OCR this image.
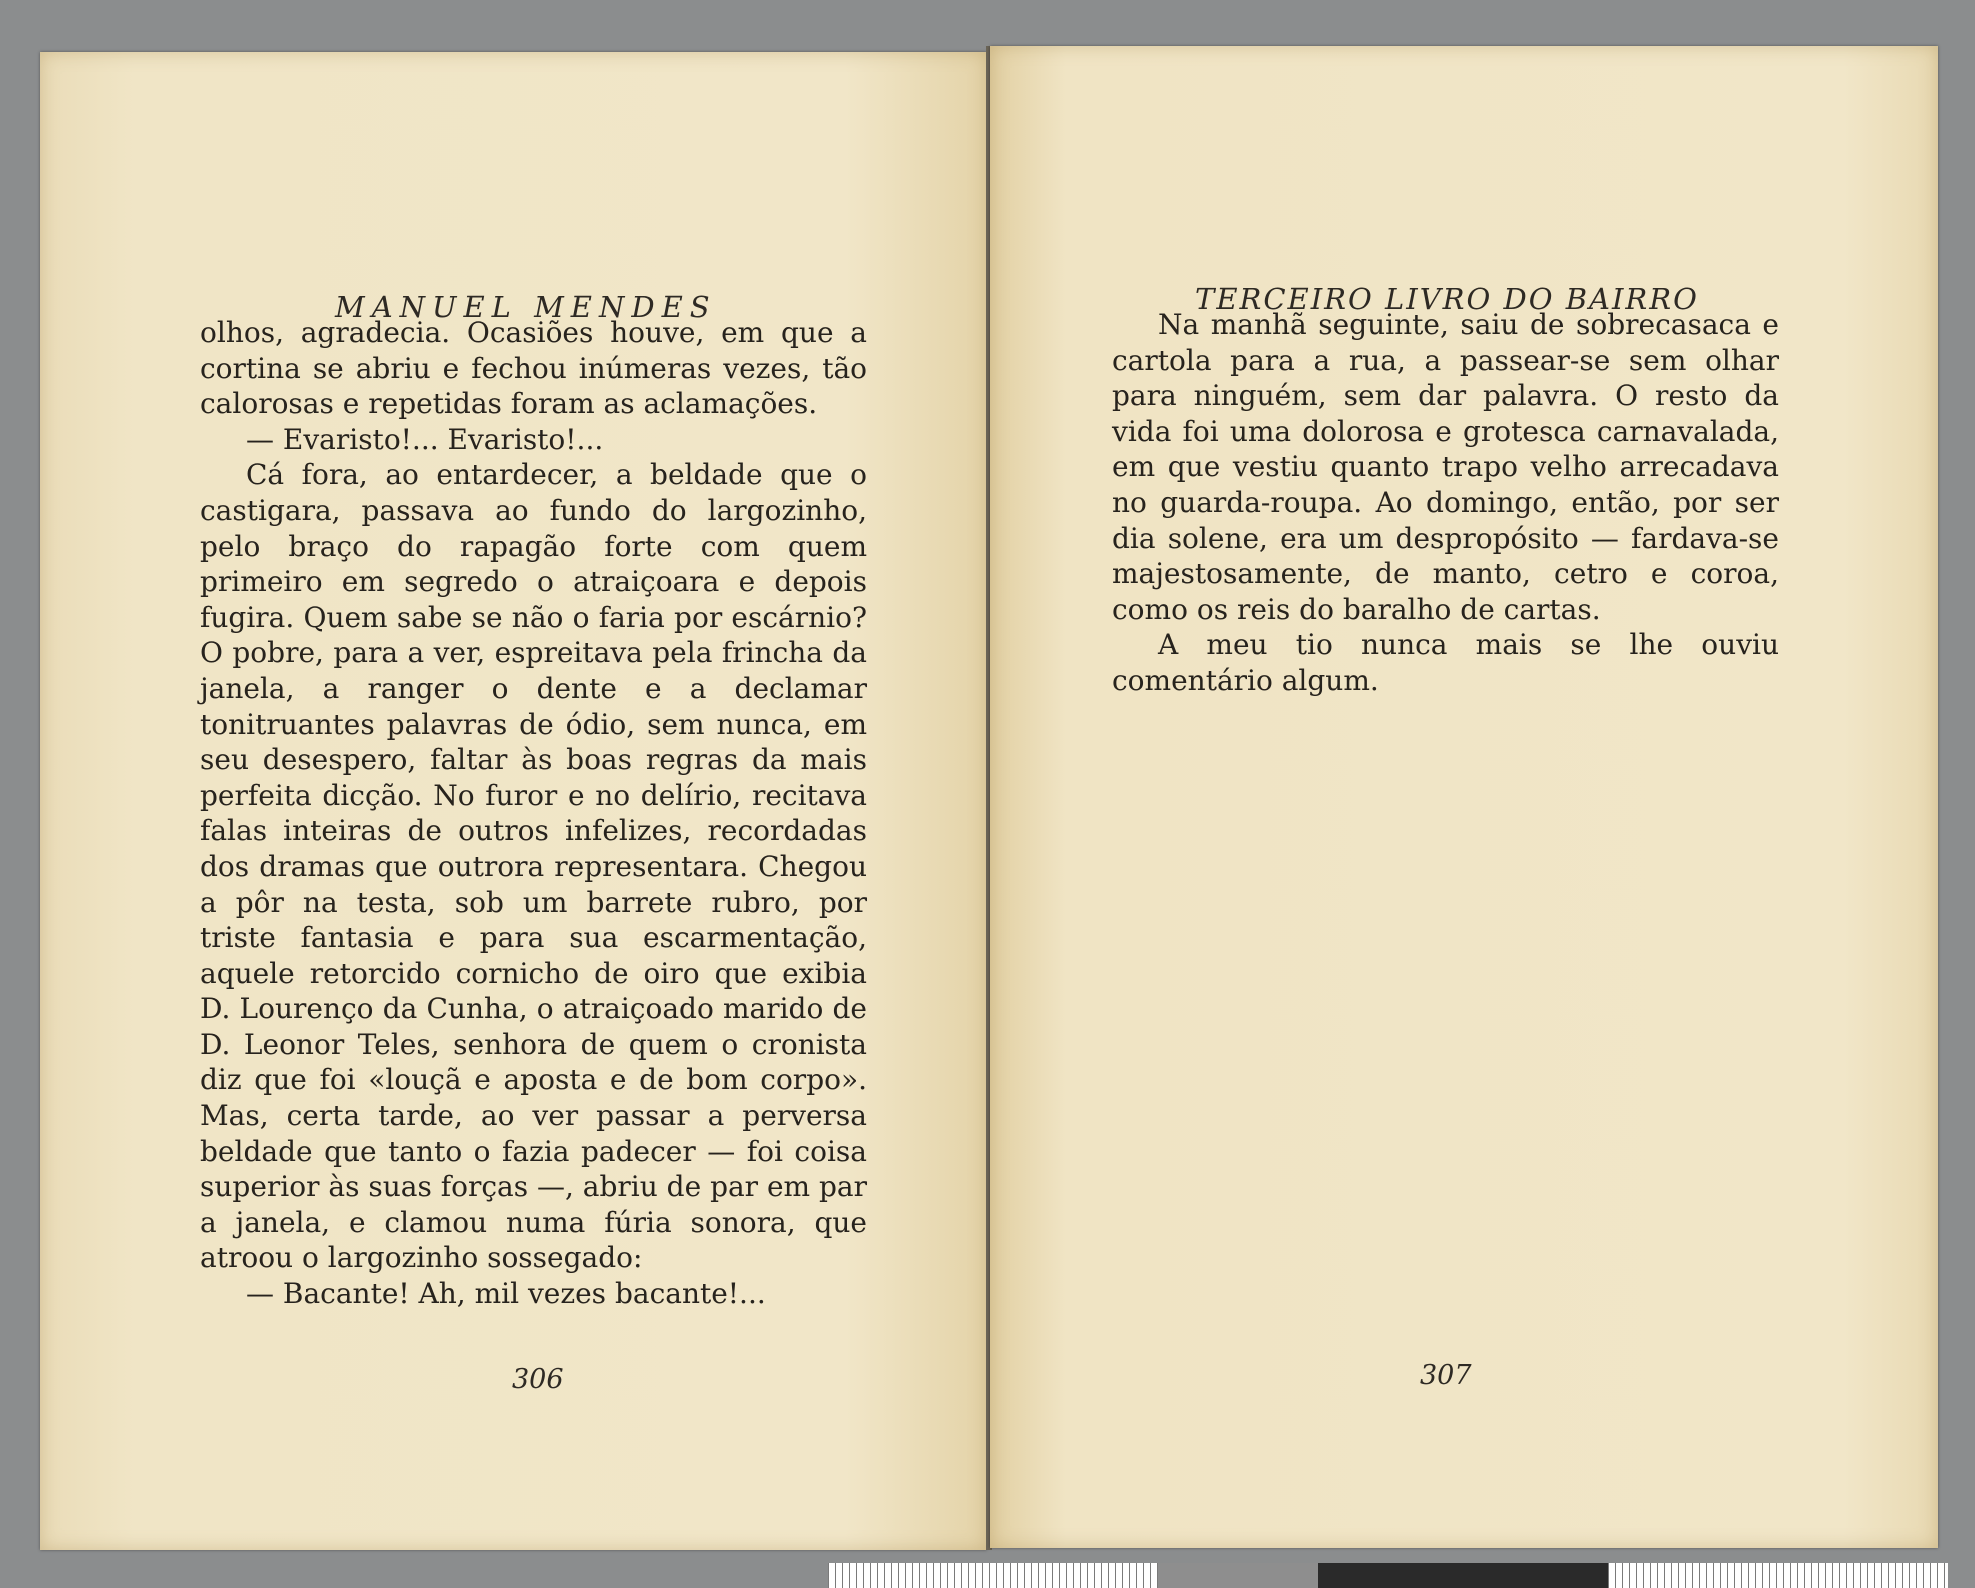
MANUEL MENDES

olhos, agradecia. Ocasiões houve, em que a cortina se abriu e fechou inúmeras vezes, tão calorosas e repetidas foram as aclamações.

— Evaristo!... Evaristo!...

Cá fora, ao entardecer, a beldade que o castigara, passava ao fundo do largozinho, pelo braço do rapagão forte com quem primeiro em segredo o atraiçoara e depois fugira. Quem sabe se não o faria por escárnio? O pobre, para a ver, espreitava pela frincha da janela, a ranger o dente e a declamar tonitruantes palavras de ódio, sem nunca, em seu desespero, faltar às boas regras da mais perfeita dicção. No furor e no delírio, recitava falas inteiras de outros infelizes, recordadas dos dramas que outrora representara. Chegou a pôr na testa, sob um barrete rubro, por triste fantasia e para sua escarmentação, aquele retorcido cornicho de oiro que exibia D. Lourenço da Cunha, o atraiçoado marido de D. Leonor Teles, senhora de quem o cronista diz que foi «louçã e aposta e de bom corpo». Mas, certa tarde, ao ver passar a perversa beldade que tanto o fazia padecer — foi coisa superior às suas forças —, abriu de par em par a janela, e clamou numa fúria sonora, que atroou o largozinho sossegado:

— Bacante! Ah, mil vezes bacante!...

306
TERCEIRO LIVRO DO BAIRRO

Na manhã seguinte, saiu de sobrecasaca e cartola para a rua, a passear-se sem olhar para ninguém, sem dar palavra. O resto da vida foi uma dolorosa e grotesca carnavalada, em que vestiu quanto trapo velho arrecadava no guarda-roupa. Ao domingo, então, por ser dia solene, era um despropósito — fardava-se majestosamente, de manto, cetro e coroa, como os reis do baralho de cartas.

A meu tio nunca mais se lhe ouviu comentário algum.

307
